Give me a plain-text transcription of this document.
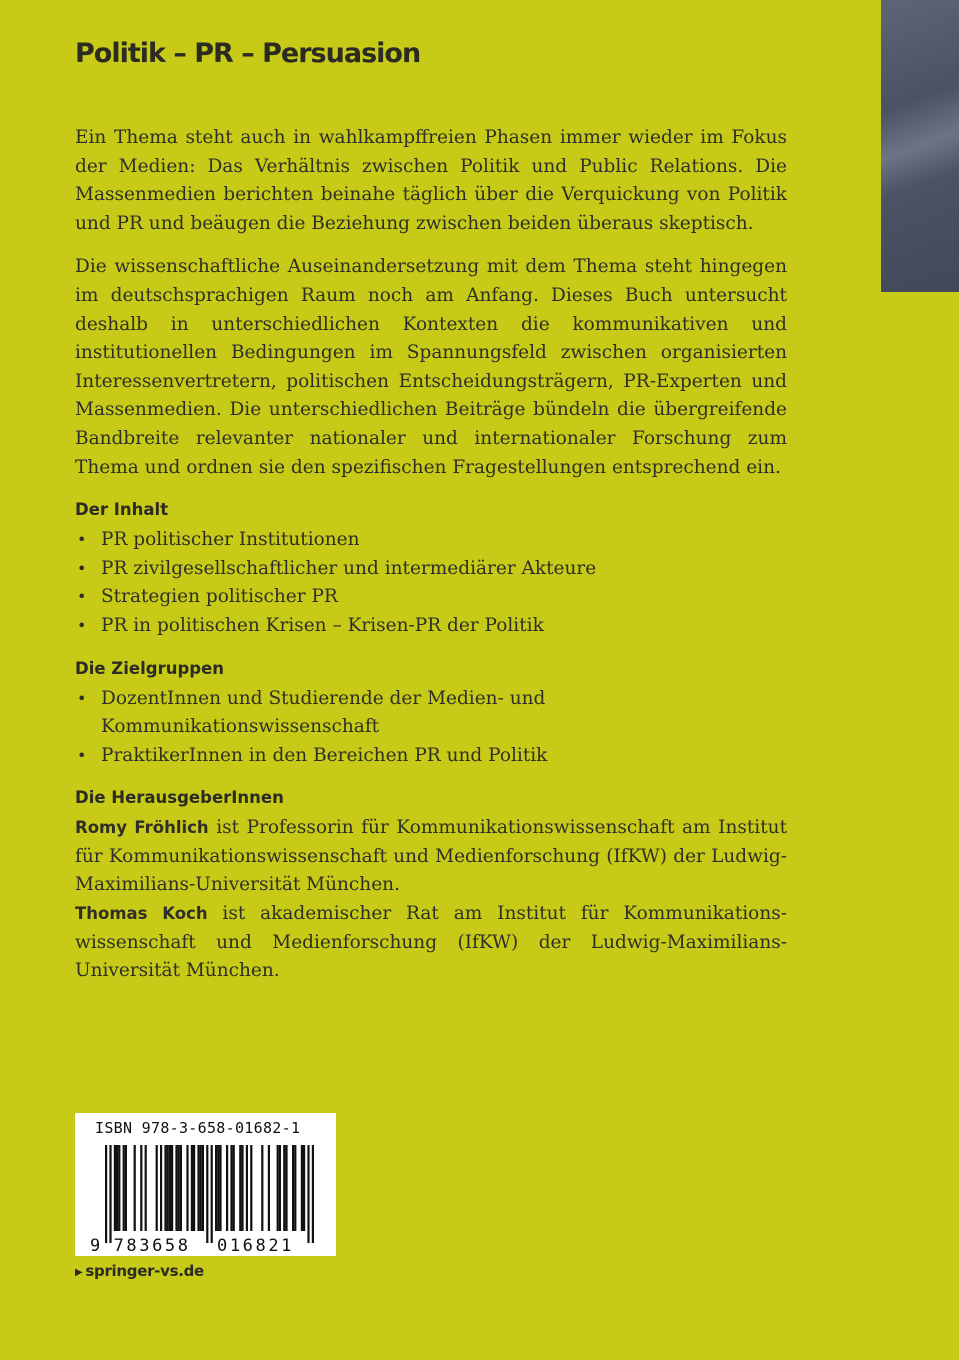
Politik – PR – Persuasion

Ein Thema steht auch in wahlkampffreien Phasen immer wieder im Fokus der Medien: Das Verhältnis zwischen Politik und Public Relations. Die Massenmedien berichten beinahe täglich über die Verquickung von Politik und PR und beäugen die Beziehung zwischen beiden überaus skeptisch.

Die wissenschaftliche Auseinandersetzung mit dem Thema steht hingegen im deutschsprachigen Raum noch am Anfang. Dieses Buch untersucht deshalb in unterschiedlichen Kontexten die kommunikativen und institutionellen Bedingungen im Spannungsfeld zwischen organisierten Interessenvertretern, politischen Entscheidungsträgern, PR-Experten und Massenmedien. Die unterschiedlichen Beiträge bündeln die übergreifende Bandbreite relevanter nationaler und internationaler Forschung zum Thema und ordnen sie den spezifischen Fragestellungen entsprechend ein.

Der Inhalt
• PR politischer Institutionen
• PR zivilgesellschaftlicher und intermediärer Akteure
• Strategien politischer PR
• PR in politischen Krisen – Krisen-PR der Politik
Die Zielgruppen
• DozentInnen und Studierende der Medien- und Kommunikationswissenschaft
• PraktikerInnen in den Bereichen PR und Politik
Die HerausgeberInnen

Romy Fröhlich ist Professorin für Kommunikationswissenschaft am Institut für Kommunikationswissenschaft und Medienforschung (IfKW) der Ludwig-Maximilians-Universität München.

Thomas Koch ist akademischer Rat am Institut für Kommunikationswissenschaft und Medienforschung (IfKW) der Ludwig-Maximilians-Universität München.

ISBN 978-3-658-01682-1
9 783658 016821
▶ springer-vs.de
